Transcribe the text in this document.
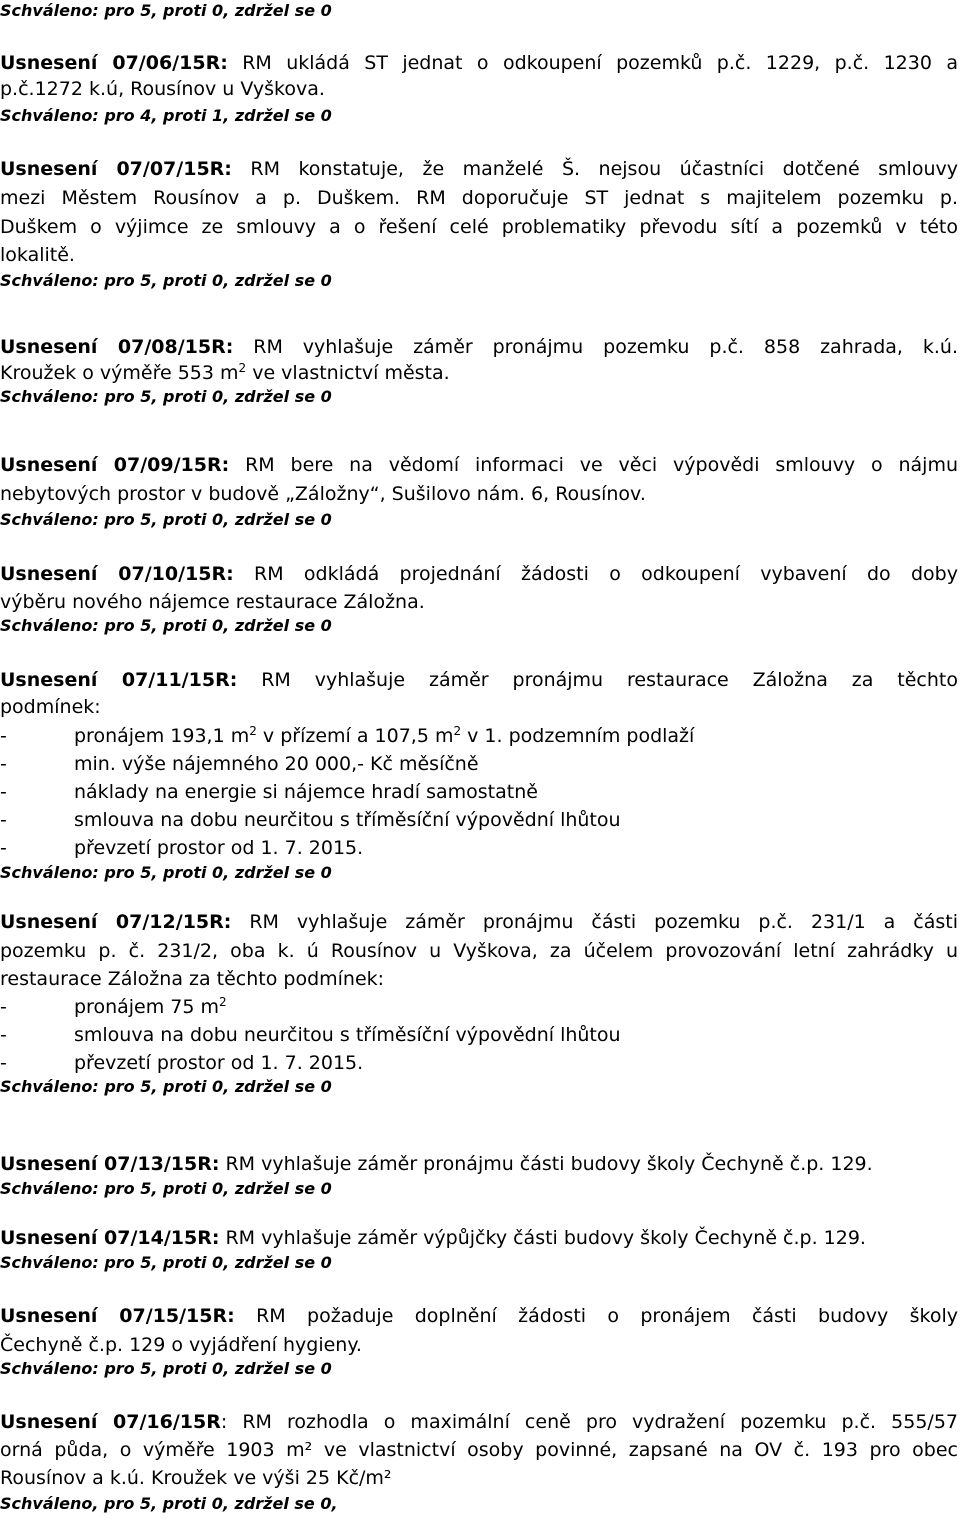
Schváleno: pro 5, proti 0, zdržel se 0

Usnesení 07/06/15R: RM ukládá ST jednat o odkoupení pozemků p.č. 1229, p.č. 1230 a

p.č.1272 k.ú, Rousínov u Vyškova.

Schváleno: pro 4, proti 1, zdržel se 0

Usnesení 07/07/15R: RM konstatuje, že manželé Š. nejsou účastníci dotčené smlouvy

mezi Městem Rousínov a p. Duškem. RM doporučuje ST jednat s majitelem pozemku p.

Duškem o výjimce ze smlouvy a o řešení celé problematiky převodu sítí a pozemků v této

lokalitě.

Schváleno: pro 5, proti 0, zdržel se 0

Usnesení 07/08/15R: RM vyhlašuje záměr pronájmu pozemku p.č. 858 zahrada, k.ú.

Kroužek o výměře 553 $m^2$ ve vlastnictví města.

Schváleno: pro 5, proti 0, zdržel se 0

Usnesení 07/09/15R: RM bere na vědomí informaci ve věci výpovědi smlouvy o nájmu

nebytových prostor v budově „Záložny“, Sušilovo nám. 6, Rousínov.

Schváleno: pro 5, proti 0, zdržel se 0

Usnesení 07/10/15R: RM odkládá projednání žádosti o odkoupení vybavení do doby

výběru nového nájemce restaurace Záložna.

Schváleno: pro 5, proti 0, zdržel se 0

Usnesení 07/11/15R: RM vyhlašuje záměr pronájmu restaurace Záložna za těchto

podmínek:

-	pronájem 193,1 $m^2$ v přízemí a 107,5 $m^2$ v 1. podzemním podlaží
-	min. výše nájemného 20 000,- Kč měsíčně
-	náklady na energie si nájemce hradí samostatně
-	smlouva na dobu neurčitou s tříměsíční výpovědní lhůtou
-	převzetí prostor od 1. 7. 2015.
Schváleno: pro 5, proti 0, zdržel se 0

Usnesení 07/12/15R: RM vyhlašuje záměr pronájmu části pozemku p.č. 231/1 a části

pozemku p. č. 231/2, oba k. ú Rousínov u Vyškova, za účelem provozování letní zahrádky u

restaurace Záložna za těchto podmínek:

-	pronájem 75 $m^2$
-	smlouva na dobu neurčitou s tříměsíční výpovědní lhůtou
-	převzetí prostor od 1. 7. 2015.
Schváleno: pro 5, proti 0, zdržel se 0

Usnesení 07/13/15R: RM vyhlašuje záměr pronájmu části budovy školy Čechyně č.p. 129.

Schváleno: pro 5, proti 0, zdržel se 0

Usnesení 07/14/15R: RM vyhlašuje záměr výpůjčky části budovy školy Čechyně č.p. 129.

Schváleno: pro 5, proti 0, zdržel se 0

Usnesení 07/15/15R: RM požaduje doplnění žádosti o pronájem části budovy školy

Čechyně č.p. 129 o vyjádření hygieny.

Schváleno: pro 5, proti 0, zdržel se 0

Usnesení 07/16/15R: RM rozhodla o maximální ceně pro vydražení pozemku p.č. 555/57

orná půda, o výměře 1903 m² ve vlastnictví osoby povinné, zapsané na OV č. 193 pro obec

Rousínov a k.ú. Kroužek ve výši 25 Kč/m²

Schváleno, pro 5, proti 0, zdržel se 0,
